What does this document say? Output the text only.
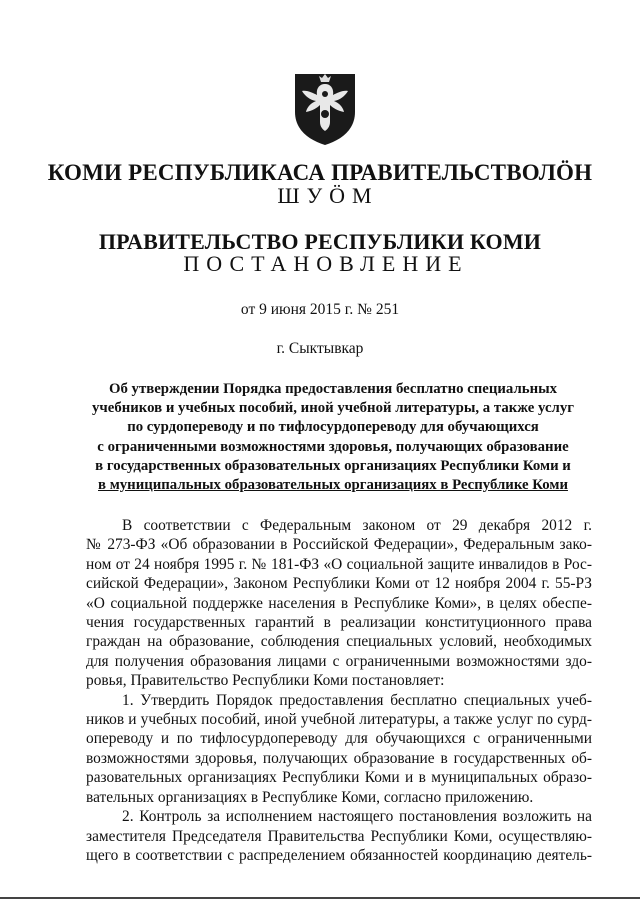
КОМИ РЕСПУБЛИКАСА ПРАВИТЕЛЬСТВОЛÖН
ШУÖМ
ПРАВИТЕЛЬСТВО РЕСПУБЛИКИ КОМИ
ПОСТАНОВЛЕНИЕ
от 9 июня 2015 г. № 251
г. Сыктывкар
Об утверждении Порядка предоставления бесплатно специальных
учебников и учебных пособий, иной учебной литературы, а также услуг
по сурдопереводу и по тифлосурдопереводу для обучающихся
с ограниченными возможностями здоровья, получающих образование
в государственных образовательных организациях Республики Коми и
в муниципальных образовательных организациях в Республике Коми
В соответствии с Федеральным законом от 29 декабря 2012 г.
№ 273-ФЗ «Об образовании в Российской Федерации», Федеральным зако-
ном от 24 ноября 1995 г. № 181-ФЗ «О социальной защите инвалидов в Рос-
сийской Федерации», Законом Республики Коми от 12 ноября 2004 г. 55-РЗ
«О социальной поддержке населения в Республике Коми», в целях обеспе-
чения государственных гарантий в реализации конституционного права
граждан на образование, соблюдения специальных условий, необходимых
для получения образования лицами с ограниченными возможностями здо-
ровья, Правительство Республики Коми постановляет:
1. Утвердить Порядок предоставления бесплатно специальных учеб-
ников и учебных пособий, иной учебной литературы, а также услуг по сурд-
опереводу и по тифлосурдопереводу для обучающихся с ограниченными
возможностями здоровья, получающих образование в государственных об-
разовательных организациях Республики Коми и в муниципальных образо-
вательных организациях в Республике Коми, согласно приложению.
2. Контроль за исполнением настоящего постановления возложить на
заместителя Председателя Правительства Республики Коми, осуществляю-
щего в соответствии с распределением обязанностей координацию деятель-
